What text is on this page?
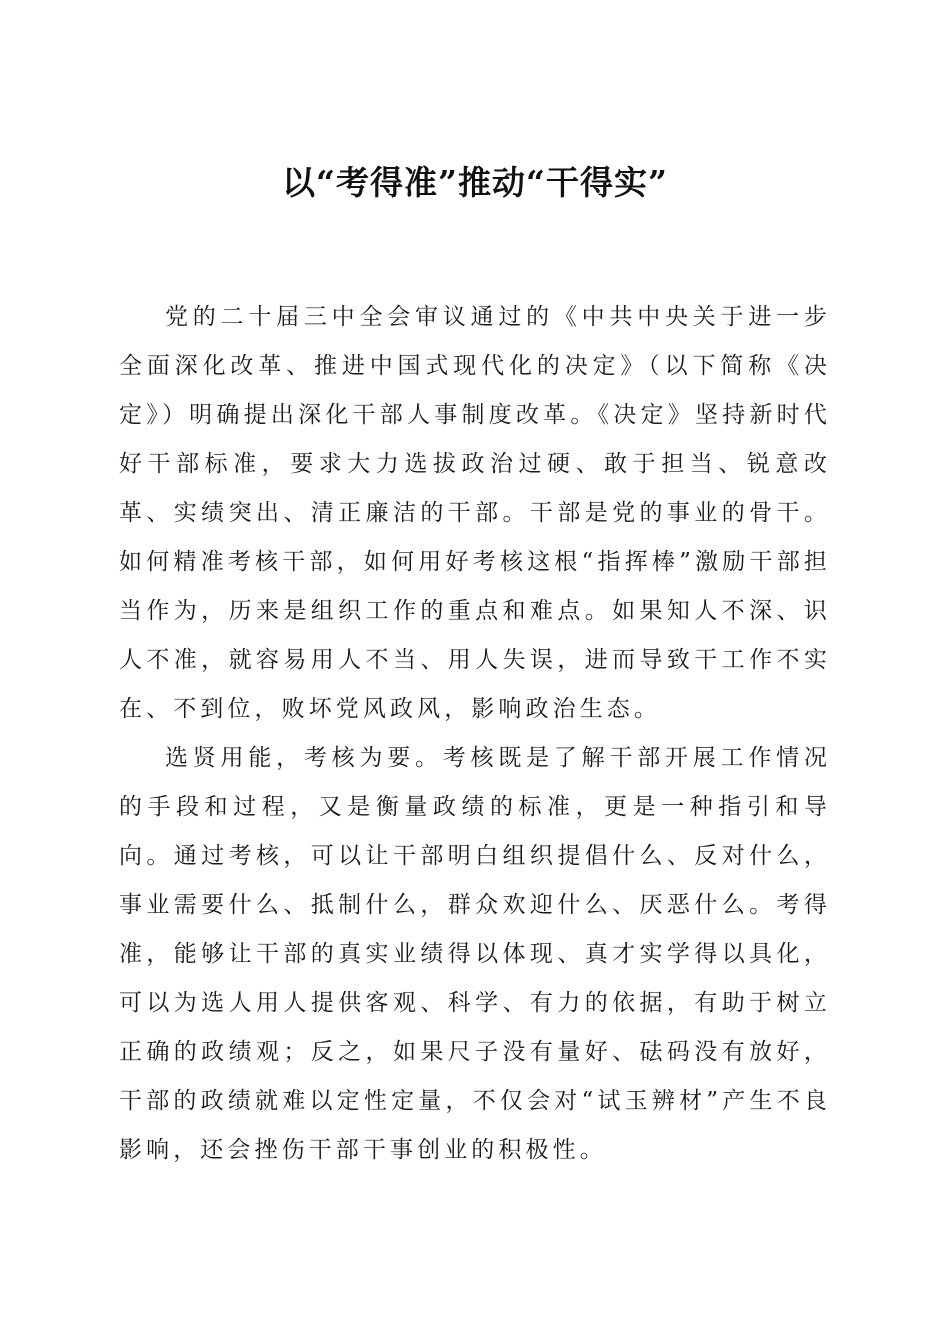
以“考得准”推动“干得实”

党的二十届三中全会审议通过的《中共中央关于进一步全面深化改革、推进中国式现代化的决定》（以下简称《决定》）明确提出深化干部人事制度改革。《决定》坚持新时代好干部标准，要求大力选拔政治过硬、敢于担当、锐意改革、实绩突出、清正廉洁的干部。干部是党的事业的骨干。如何精准考核干部，如何用好考核这根“指挥棒”激励干部担当作为，历来是组织工作的重点和难点。如果知人不深、识人不准，就容易用人不当、用人失误，进而导致干工作不实在、不到位，败坏党风政风，影响政治生态。

选贤用能，考核为要。考核既是了解干部开展工作情况的手段和过程，又是衡量政绩的标准，更是一种指引和导向。通过考核，可以让干部明白组织提倡什么、反对什么，事业需要什么、抵制什么，群众欢迎什么、厌恶什么。考得准，能够让干部的真实业绩得以体现、真才实学得以具化，可以为选人用人提供客观、科学、有力的依据，有助于树立正确的政绩观；反之，如果尺子没有量好、砝码没有放好，干部的政绩就难以定性定量，不仅会对“试玉辨材”产生不良影响，还会挫伤干部干事创业的积极性。
